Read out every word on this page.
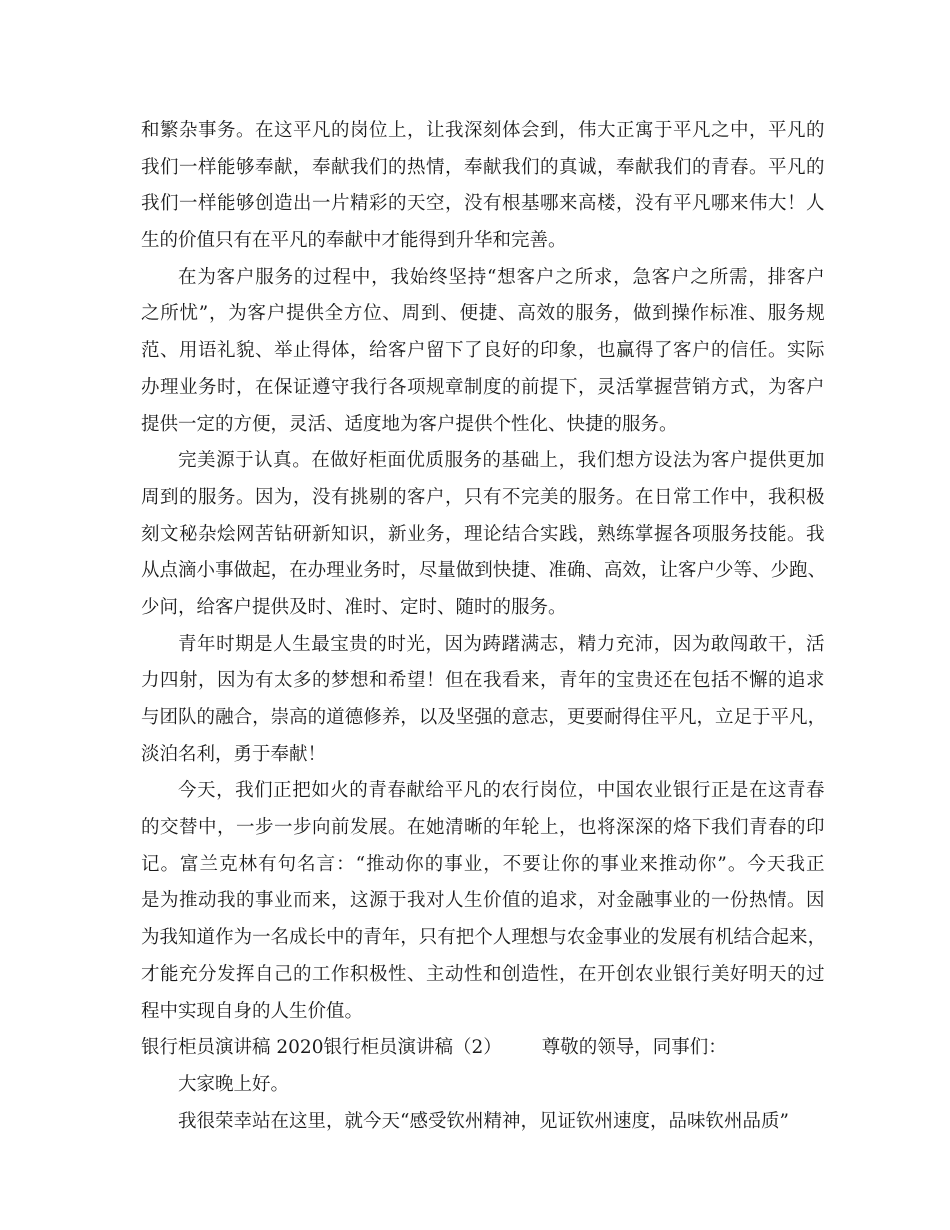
和 繁 杂 事 务 。 在 这 平 凡 的 岗 位 上 ， 让 我 深 刻 体 会 到 ， 伟 大 正 寓 于 平 凡 之 中 ， 平 凡 的
我 们 一 样 能 够 奉 献 ， 奉 献 我 们 的 热 情 ， 奉 献 我 们 的 真 诚 ， 奉 献 我 们 的 青 春 。 平 凡 的
我 们 一 样 能 够 创 造 出 一 片 精 彩 的 天 空 ， 没 有 根 基 哪 来 高 楼 ， 没 有 平 凡 哪 来 伟 大 ！ 人
生的价值只有在平凡的奉献中才能得到升华和完善。
在 为 客 户 服 务 的 过 程 中 ， 我 始 终 坚 持 “ 想 客 户 之 所 求 ， 急 客 户 之 所 需 ， 排 客 户
之 所 忧 ” ， 为 客 户 提 供 全 方 位 、 周 到 、 便 捷 、 高 效 的 服 务 ， 做 到 操 作 标 准 、 服 务 规
范 、 用 语 礼 貌 、 举 止 得 体 ， 给 客 户 留 下 了 良 好 的 印 象 ， 也 赢 得 了 客 户 的 信 任 。 实 际
办 理 业 务 时 ， 在 保 证 遵 守 我 行 各 项 规 章 制 度 的 前 提 下 ， 灵 活 掌 握 营 销 方 式 ， 为 客 户
提供一定的方便，灵活、适度地为客户提供个性化、快捷的服务。
完 美 源 于 认 真 。 在 做 好 柜 面 优 质 服 务 的 基 础 上 ， 我 们 想 方 设 法 为 客 户 提 供 更 加
周 到 的 服 务 。 因 为 ， 没 有 挑 剔 的 客 户 ， 只 有 不 完 美 的 服 务 。 在 日 常 工 作 中 ， 我 积 极
刻 文 秘 杂 烩 网 苦 钻 研 新 知 识 ， 新 业 务 ， 理 论 结 合 实 践 ， 熟 练 掌 握 各 项 服 务 技 能 。 我
从 点 滴 小 事 做 起 ， 在 办 理 业 务 时 ， 尽 量 做 到 快 捷 、 准 确 、 高 效 ， 让 客 户 少 等 、 少 跑 、
少问，给客户提供及时、准时、定时、随时的服务。
青 年 时 期 是 人 生 最 宝 贵 的 时 光 ， 因 为 踌 躇 满 志 ， 精 力 充 沛 ， 因 为 敢 闯 敢 干 ， 活
力 四 射 ， 因 为 有 太 多 的 梦 想 和 希 望 ！ 但 在 我 看 来 ， 青 年 的 宝 贵 还 在 包 括 不 懈 的 追 求
与 团 队 的 融 合 ， 崇 高 的 道 德 修 养 ， 以 及 坚 强 的 意 志 ， 更 要 耐 得 住 平 凡 ， 立 足 于 平 凡 ，
淡泊名利，勇于奉献！
今 天 ， 我 们 正 把 如 火 的 青 春 献 给 平 凡 的 农 行 岗 位 ， 中 国 农 业 银 行 正 是 在 这 青 春
的 交 替 中 ， 一 步 一 步 向 前 发 展 。 在 她 清 晰 的 年 轮 上 ， 也 将 深 深 的 烙 下 我 们 青 春 的 印
记 。 富 兰 克 林 有 句 名 言 ： “ 推 动 你 的 事 业 ， 不 要 让 你 的 事 业 来 推 动 你 ” 。 今 天 我 正
是 为 推 动 我 的 事 业 而 来 ， 这 源 于 我 对 人 生 价 值 的 追 求 ， 对 金 融 事 业 的 一 份 热 情 。 因
为 我 知 道 作 为 一 名 成 长 中 的 青 年 ， 只 有 把 个 人 理 想 与 农 金 事 业 的 发 展 有 机 结 合 起 来 ，
才 能 充 分 发 挥 自 己 的 工 作 积 极 性 、 主 动 性 和 创 造 性 ， 在 开 创 农 业 银 行 美 好 明 天 的 过
程中实现自身的人生价值。
银行柜员演讲稿 2020银行柜员演讲稿（2） 尊敬的领导，同事们：
大家晚上好。
我很荣幸站在这里，就今天“感受钦州精神，见证钦州速度，品味钦州品质”
